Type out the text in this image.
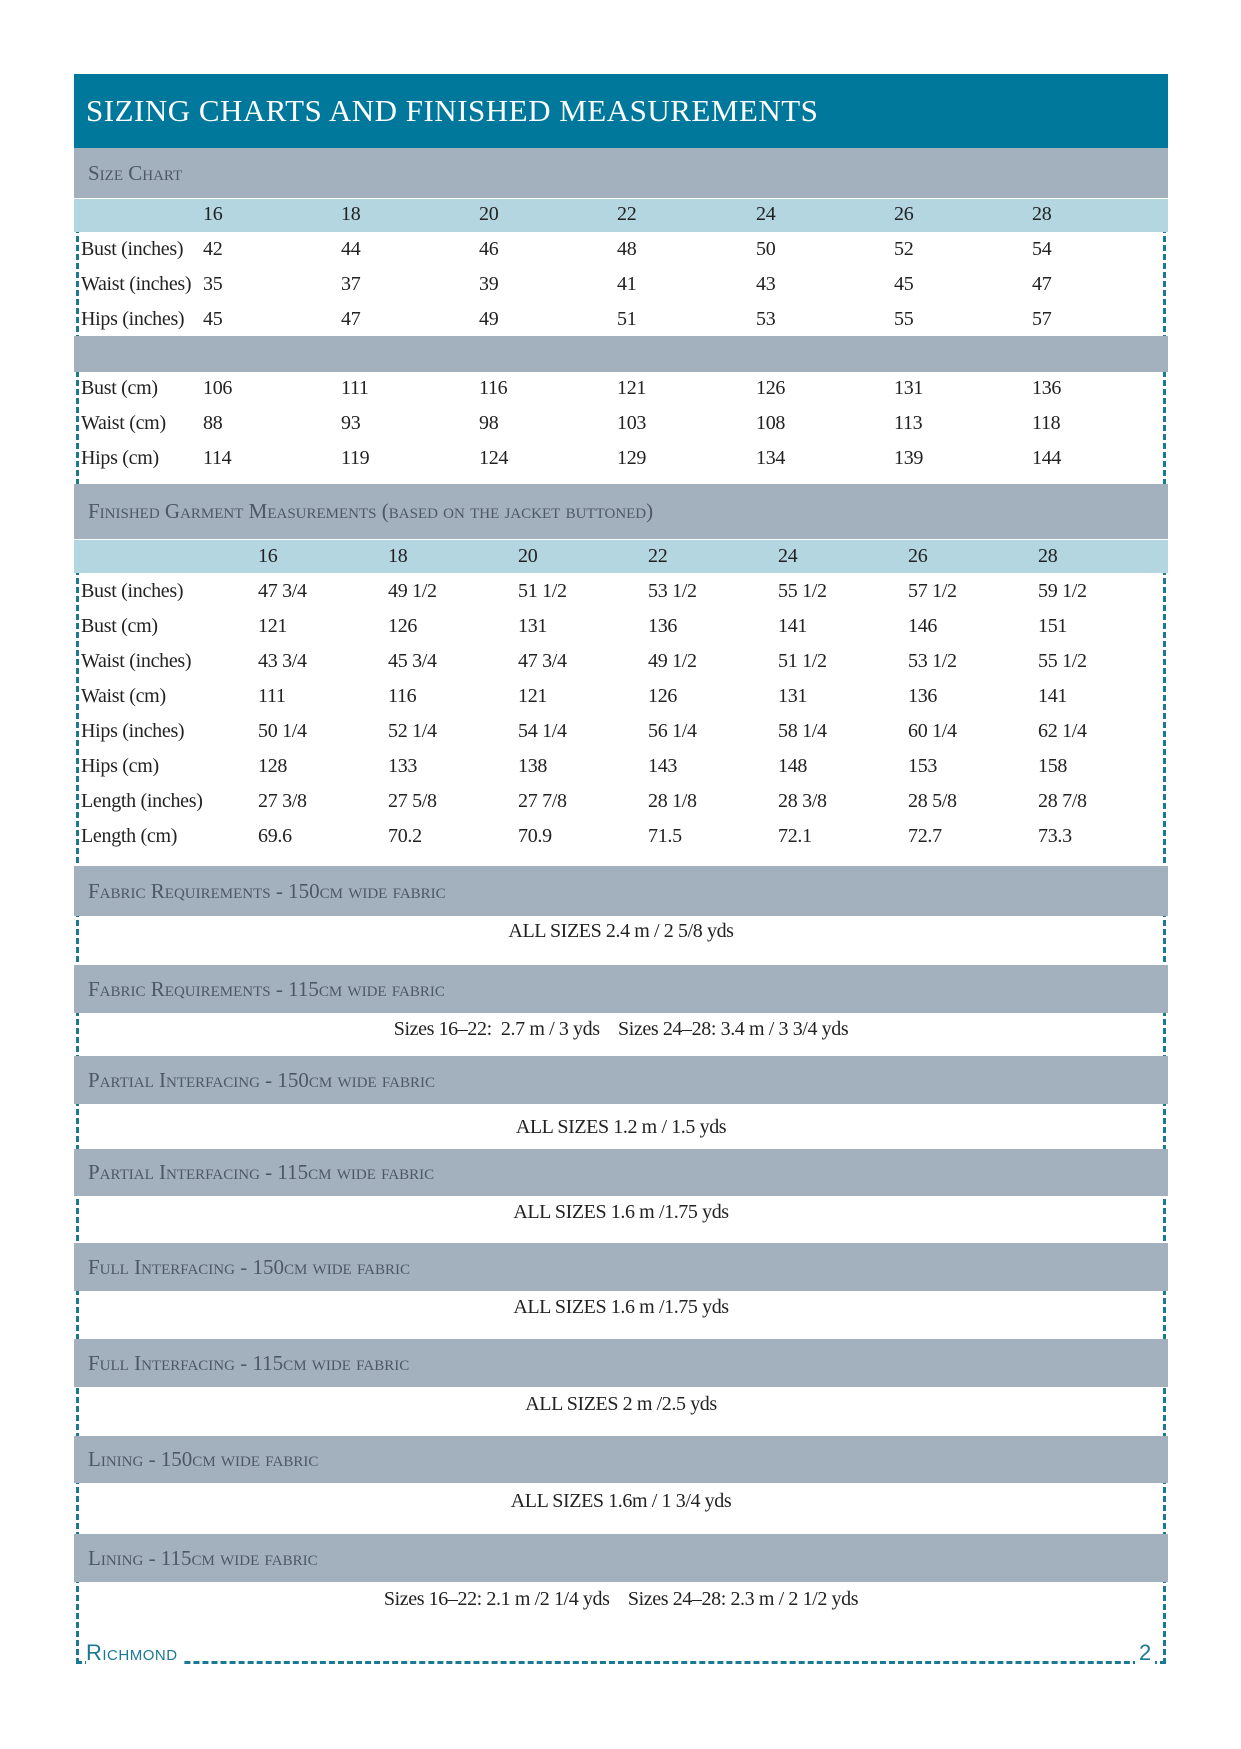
SIZING CHARTS AND FINISHED MEASUREMENTS
Size Chart
16	18	20	22	24	26	28
Bust (inches) 42	44	46	48	50	52	54
Waist (inches) 35	37	39	41	43	45	47
Hips (inches) 45	47	49	51	53	55	57
Bust (cm) 106	111	116	121	126	131	136
Waist (cm) 88	93	98	103	108	113	118
Hips (cm) 114	119	124	129	134	139	144
Finished Garment Measurements (based on the jacket buttoned)
16	18	20	22	24	26	28
Bust (inches)	47 3/4	49 1/2	51 1/2	53 1/2	55 1/2	57 1/2	59 1/2
Bust (cm)	121	126	131	136	141	146	151
Waist (inches)	43 3/4	45 3/4	47 3/4	49 1/2	51 1/2	53 1/2	55 1/2
Waist (cm)	111	116	121	126	131	136	141
Hips (inches)	50 1/4	52 1/4	54 1/4	56 1/4	58 1/4	60 1/4	62 1/4
Hips (cm)	128	133	138	143	148	153	158
Length (inches)	27 3/8	27 5/8	27 7/8	28 1/8	28 3/8	28 5/8	28 7/8
Length (cm)	69.6	70.2	70.9	71.5	72.1	72.7	73.3
Fabric Requirements - 150cm wide fabric
ALL SIZES 2.4 m / 2 5/8 yds
Fabric Requirements - 115cm wide fabric
Sizes 16–22:  2.7 m / 3 yds    Sizes 24–28: 3.4 m / 3 3/4 yds
Partial Interfacing - 150cm wide fabric
ALL SIZES 1.2 m / 1.5 yds
Partial Interfacing - 115cm wide fabric
ALL SIZES 1.6 m /1.75 yds
Full Interfacing - 150cm wide fabric
ALL SIZES 1.6 m /1.75 yds
Full Interfacing - 115cm wide fabric
ALL SIZES 2 m /2.5 yds
Lining - 150cm wide fabric
ALL SIZES 1.6m / 1 3/4 yds
Lining - 115cm wide fabric
Sizes 16–22: 2.1 m /2 1/4 yds    Sizes 24–28: 2.3 m / 2 1/2 yds
Richmond	2
